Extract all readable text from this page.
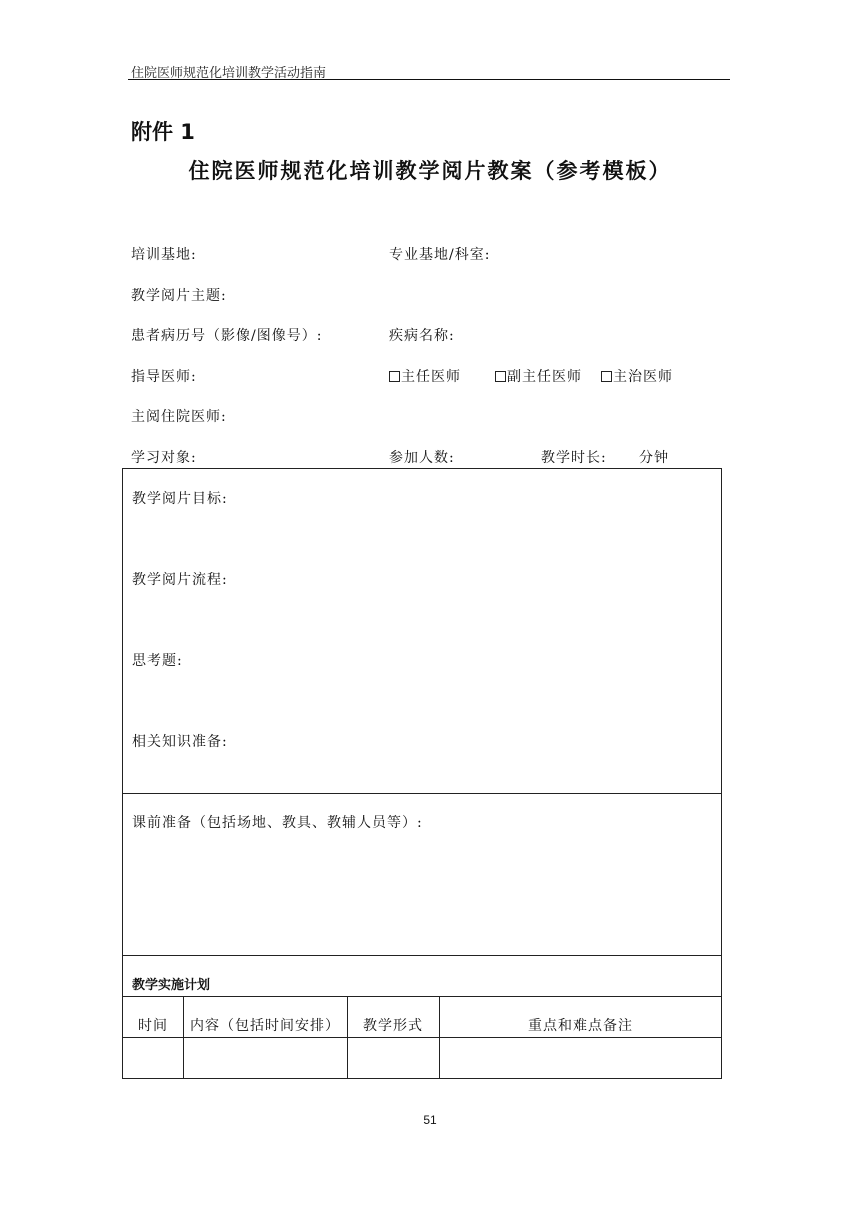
住院医师规范化培训教学活动指南
附件 1
住院医师规范化培训教学阅片教案（参考模板）
培训基地:	专业基地/科室:
教学阅片主题:
患者病历号（影像/图像号）:	疾病名称:
指导医师:	主任医师	副主任医师	主治医师
主阅住院医师:
学习对象:	参加人数:	教学时长: 分钟
教学阅片目标:
教学阅片流程:
思考题:
相关知识准备:
课前准备（包括场地、教具、教辅人员等）:
教学实施计划
时间	内容（包括时间安排）	教学形式	重点和难点备注
51
